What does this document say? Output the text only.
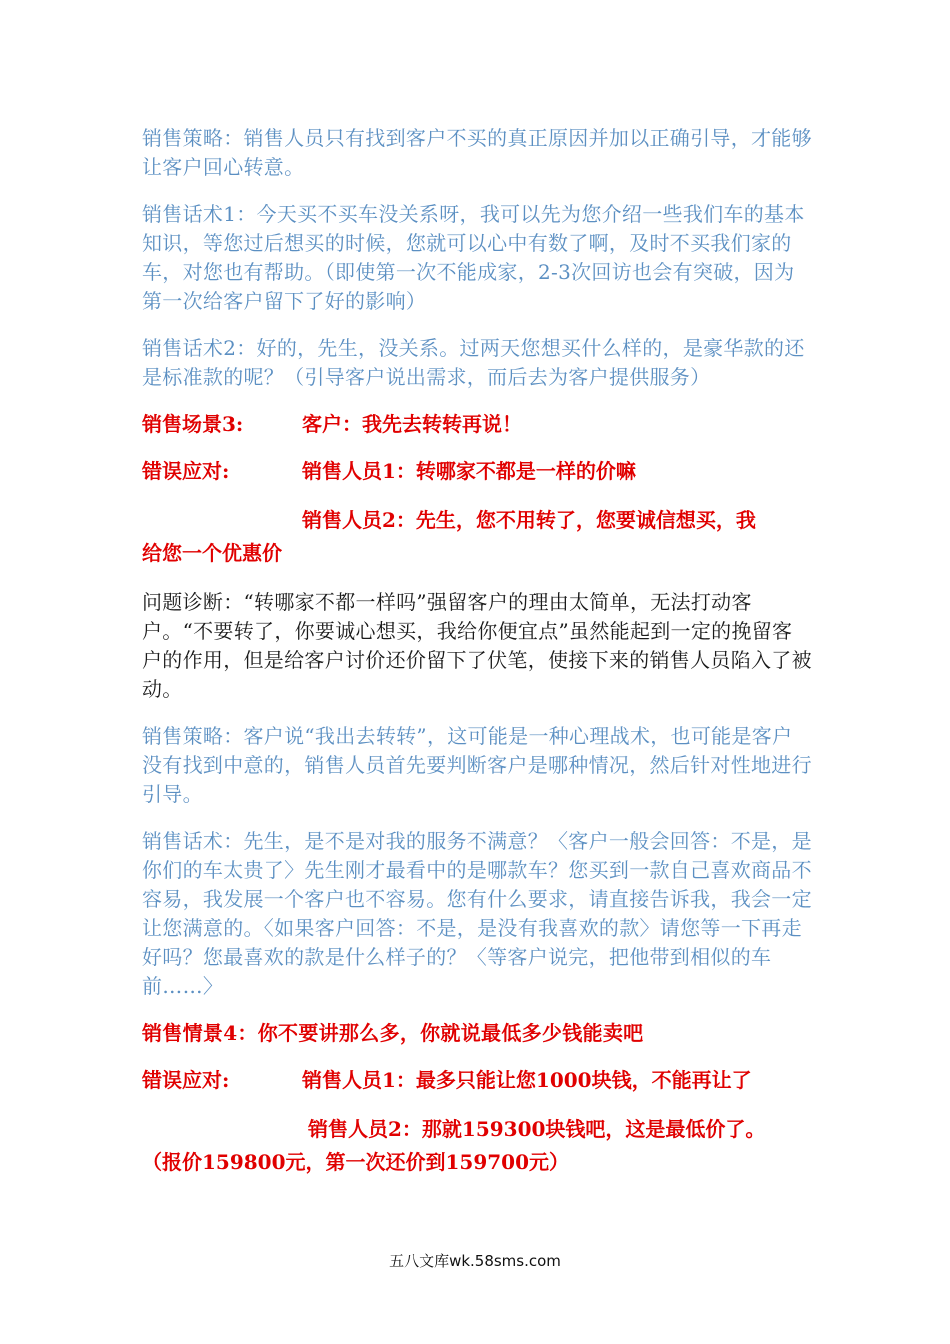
销售策略：销售人员只有找到客户不买的真正原因并加以正确引导，才能够让客户回心转意。

销售话术1：今天买不买车没关系呀，我可以先为您介绍一些我们车的基本知识，等您过后想买的时候，您就可以心中有数了啊，及时不买我们家的车，对您也有帮助。（即使第一次不能成家，2-3次回访也会有突破，因为第一次给客户留下了好的影响）

销售话术2：好的，先生，没关系。过两天您想买什么样的，是豪华款的还是标准款的呢？（引导客户说出需求，而后去为客户提供服务）

销售场景3:	客户：我先去转转再说！
错误应对:	销售人员1：转哪家不都是一样的价嘛
销售人员2：先生，您不用转了，您要诚信想买，我
给您一个优惠价

问题诊断：“转哪家不都一样吗”强留客户的理由太简单，无法打动客户。“不要转了，你要诚心想买，我给你便宜点”虽然能起到一定的挽留客户的作用，但是给客户讨价还价留下了伏笔，使接下来的销售人员陷入了被动。

销售策略：客户说“我出去转转”，这可能是一种心理战术，也可能是客户没有找到中意的，销售人员首先要判断客户是哪种情况，然后针对性地进行引导。

销售话术：先生，是不是对我的服务不满意？〈客户一般会回答：不是，是你们的车太贵了〉先生刚才最看中的是哪款车？您买到一款自己喜欢商品不容易，我发展一个客户也不容易。您有什么要求，请直接告诉我，我会一定让您满意的。〈如果客户回答：不是，是没有我喜欢的款〉请您等一下再走好吗？您最喜欢的款是什么样子的？〈等客户说完，把他带到相似的车前……〉

销售情景4：你不要讲那么多，你就说最低多少钱能卖吧

错误应对:	销售人员1：最多只能让您1000块钱，不能再让了
销售人员2：那就159300块钱吧，这是最低价了。
（报价159800元，第一次还价到159700元）
五八文库wk.58sms.com
